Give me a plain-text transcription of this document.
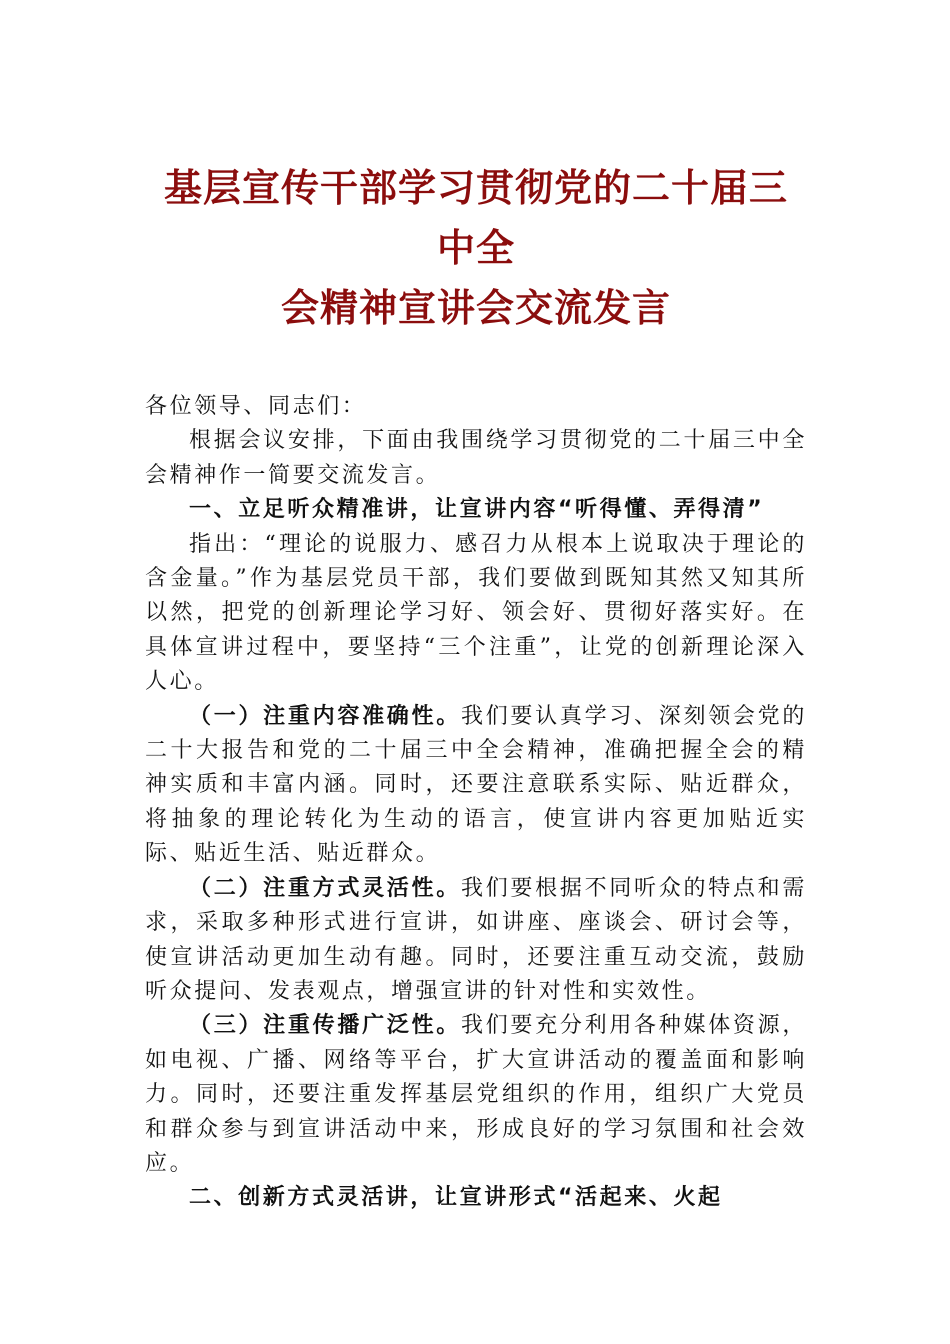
基层宣传干部学习贯彻党的二十届三中全
会精神宣讲会交流发言

各位领导、同志们：

根据会议安排，下面由我围绕学习贯彻党的二十届三中全会精神作一简要交流发言。

一、立足听众精准讲，让宣讲内容“听得懂、弄得清”

指出：“理论的说服力、感召力从根本上说取决于理论的含金量。”作为基层党员干部，我们要做到既知其然又知其所以然，把党的创新理论学习好、领会好、贯彻好落实好。在具体宣讲过程中，要坚持“三个注重”，让党的创新理论深入人心。

（一）注重内容准确性。我们要认真学习、深刻领会党的二十大报告和党的二十届三中全会精神，准确把握全会的精神实质和丰富内涵。同时，还要注意联系实际、贴近群众，将抽象的理论转化为生动的语言，使宣讲内容更加贴近实际、贴近生活、贴近群众。

（二）注重方式灵活性。我们要根据不同听众的特点和需求，采取多种形式进行宣讲，如讲座、座谈会、研讨会等，使宣讲活动更加生动有趣。同时，还要注重互动交流，鼓励听众提问、发表观点，增强宣讲的针对性和实效性。

（三）注重传播广泛性。我们要充分利用各种媒体资源，如电视、广播、网络等平台，扩大宣讲活动的覆盖面和影响力。同时，还要注重发挥基层党组织的作用，组织广大党员和群众参与到宣讲活动中来，形成良好的学习氛围和社会效应。

二、创新方式灵活讲，让宣讲形式“活起来、火起
